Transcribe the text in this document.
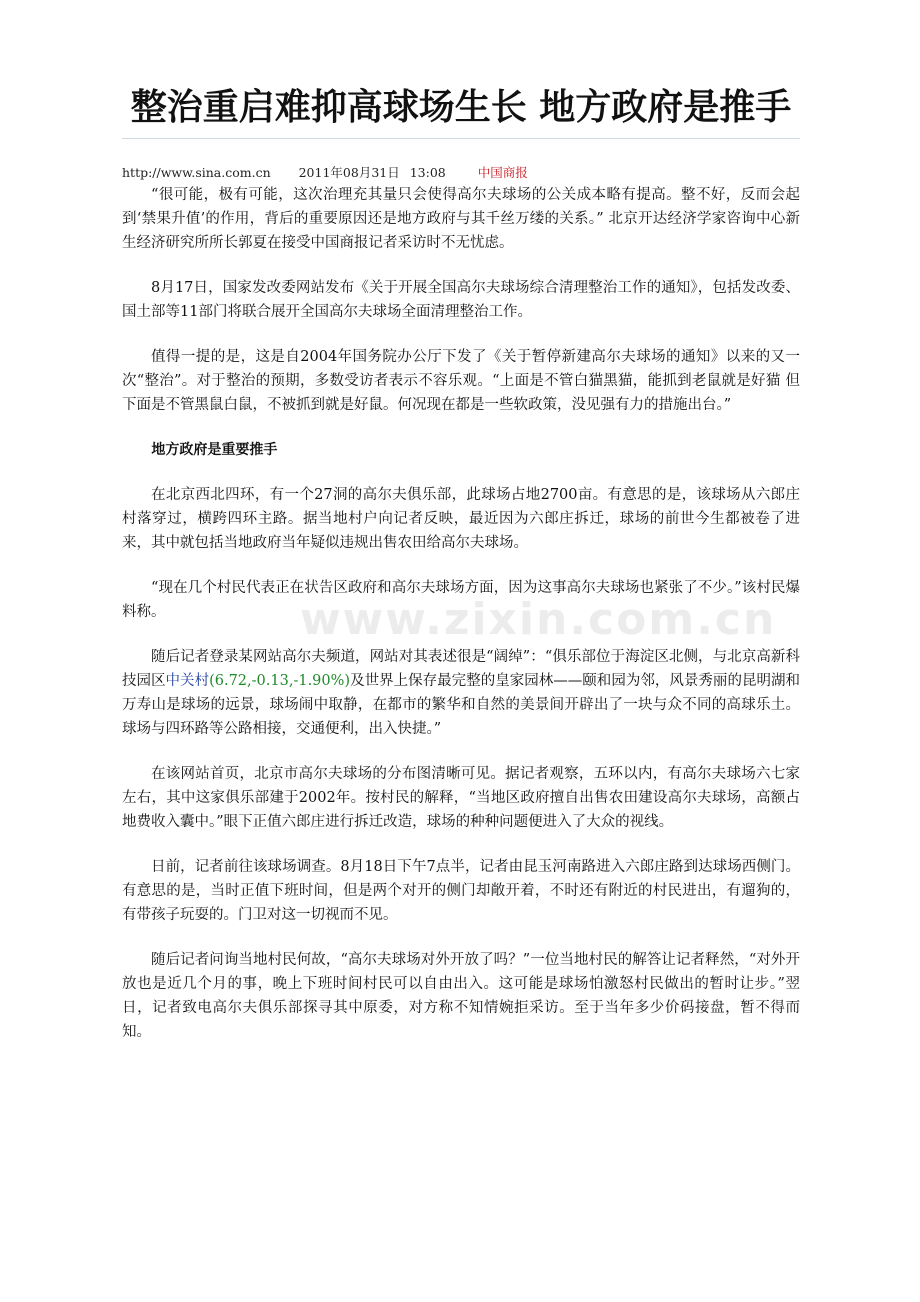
www.zixin.com.cn
整治重启难抑高球场生长 地方政府是推手
http://www.sina.com.cn 2011年08月31日 13:08	中国商报

“很可能，极有可能，这次治理充其量只会使得高尔夫球场的公关成本略有提高。整不好，反而会起到‘禁果升值’的作用，背后的重要原因还是地方政府与其千丝万缕的关系。” 北京开达经济学家咨询中心新生经济研究所所长郭夏在接受中国商报记者采访时不无忧虑。

8月17日，国家发改委网站发布《关于开展全国高尔夫球场综合清理整治工作的通知》，包括发改委、国土部等11部门将联合展开全国高尔夫球场全面清理整治工作。

值得一提的是，这是自2004年国务院办公厅下发了《关于暂停新建高尔夫球场的通知》以来的又一次“整治”。对于整治的预期，多数受访者表示不容乐观。“上面是不管白猫黑猫，能抓到老鼠就是好猫 但下面是不管黑鼠白鼠，不被抓到就是好鼠。何况现在都是一些软政策，没见强有力的措施出台。”

地方政府是重要推手

在北京西北四环，有一个27洞的高尔夫俱乐部，此球场占地2700亩。有意思的是，该球场从六郎庄村落穿过，横跨四环主路。据当地村户向记者反映，最近因为六郎庄拆迁，球场的前世今生都被卷了进来，其中就包括当地政府当年疑似违规出售农田给高尔夫球场。

“现在几个村民代表正在状告区政府和高尔夫球场方面，因为这事高尔夫球场也紧张了不少。”该村民爆料称。

随后记者登录某网站高尔夫频道，网站对其表述很是“阔绰”：“俱乐部位于海淀区北侧，与北京高新科技园区中关村(6.72,-0.13,-1.90%)及世界上保存最完整的皇家园林——颐和园为邻，风景秀丽的昆明湖和万寿山是球场的远景，球场闹中取静，在都市的繁华和自然的美景间开辟出了一块与众不同的高球乐土。球场与四环路等公路相接，交通便利，出入快捷。”

在该网站首页，北京市高尔夫球场的分布图清晰可见。据记者观察，五环以内，有高尔夫球场六七家左右，其中这家俱乐部建于2002年。按村民的解释，“当地区政府擅自出售农田建设高尔夫球场，高额占地费收入囊中。”眼下正值六郎庄进行拆迁改造，球场的种种问题便进入了大众的视线。

日前，记者前往该球场调查。8月18日下午7点半，记者由昆玉河南路进入六郎庄路到达球场西侧门。有意思的是，当时正值下班时间，但是两个对开的侧门却敞开着，不时还有附近的村民进出，有遛狗的，有带孩子玩耍的。门卫对这一切视而不见。

随后记者问询当地村民何故，“高尔夫球场对外开放了吗？”一位当地村民的解答让记者释然，“对外开放也是近几个月的事，晚上下班时间村民可以自由出入。这可能是球场怕激怒村民做出的暂时让步。”翌日，记者致电高尔夫俱乐部探寻其中原委，对方称不知情婉拒采访。至于当年多少价码接盘，暂不得而知。
